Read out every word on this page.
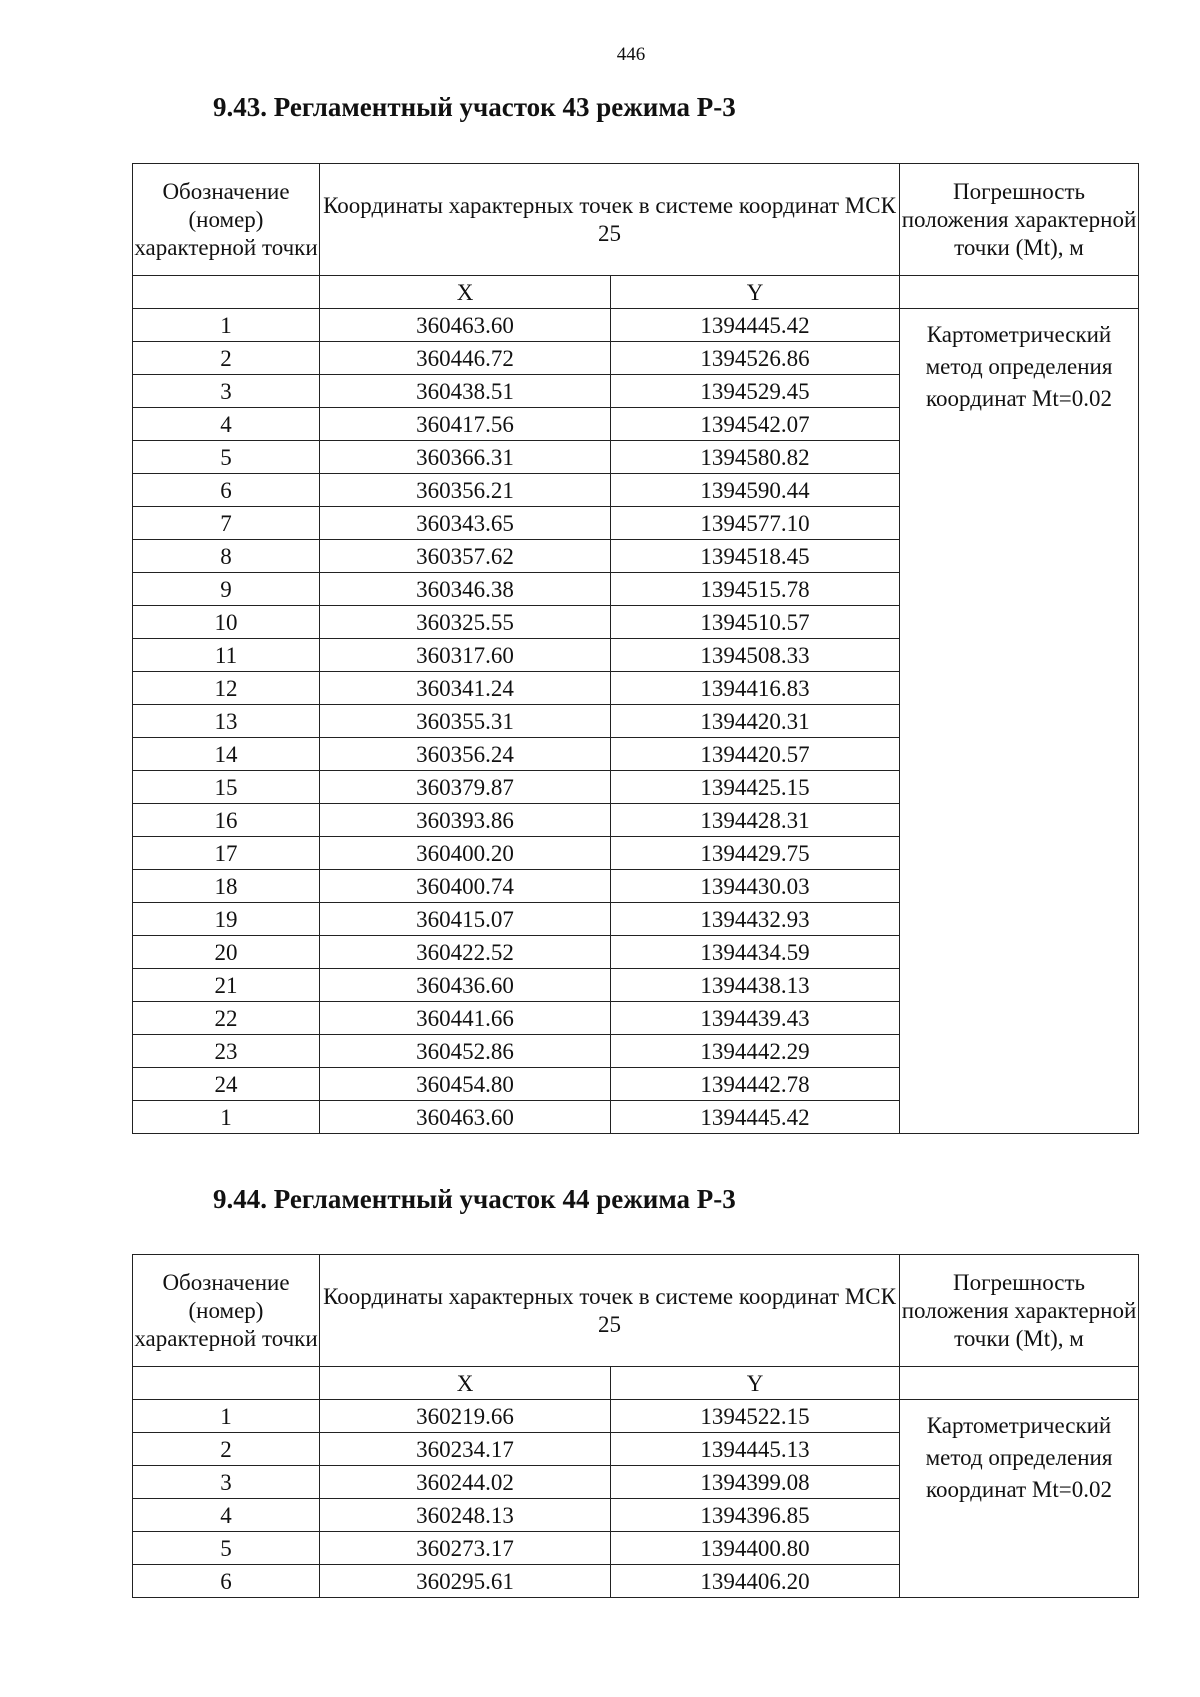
446
9.43. Регламентный участок 43 режима Р-3
Обозначение (номер) характерной точки	Координаты характерных точек в системе координат МСК 25		Погрешность положения характерной точки (Mt), м
	X	Y	
1	360463.60	1394445.42	Картометрический метод определения координат Mt=0.02
2	360446.72	1394526.86	
3	360438.51	1394529.45	
4	360417.56	1394542.07	
5	360366.31	1394580.82	
6	360356.21	1394590.44	
7	360343.65	1394577.10	
8	360357.62	1394518.45	
9	360346.38	1394515.78	
10	360325.55	1394510.57	
11	360317.60	1394508.33	
12	360341.24	1394416.83	
13	360355.31	1394420.31	
14	360356.24	1394420.57	
15	360379.87	1394425.15	
16	360393.86	1394428.31	
17	360400.20	1394429.75	
18	360400.74	1394430.03	
19	360415.07	1394432.93	
20	360422.52	1394434.59	
21	360436.60	1394438.13	
22	360441.66	1394439.43	
23	360452.86	1394442.29	
24	360454.80	1394442.78	
1	360463.60	1394445.42	
9.44. Регламентный участок 44 режима Р-3
Обозначение (номер) характерной точки	Координаты характерных точек в системе координат МСК 25		Погрешность положения характерной точки (Mt), м
	X	Y	
1	360219.66	1394522.15	Картометрический метод определения координат Mt=0.02
2	360234.17	1394445.13	
3	360244.02	1394399.08	
4	360248.13	1394396.85	
5	360273.17	1394400.80	
6	360295.61	1394406.20	
